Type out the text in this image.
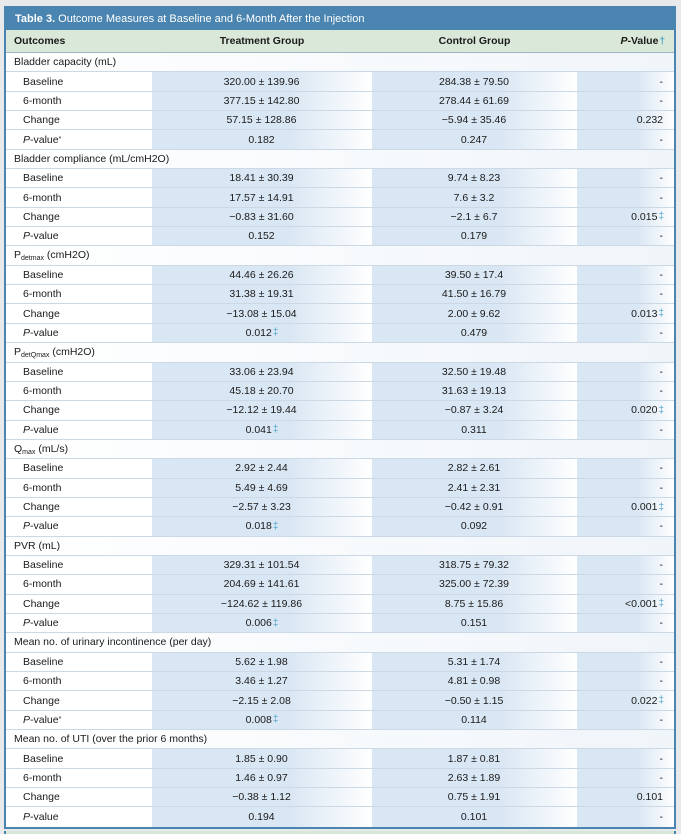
Table 3. Outcome Measures at Baseline and 6-Month After the Injection
Outcomes	Treatment Group	Control Group	P-Value†
Bladder capacity (mL)
Baseline	320.00 ± 139.96	284.38 ± 79.50	-
6-month	377.15 ± 142.80	278.44 ± 61.69	-
Change	57.15 ± 128.86	−5.94 ± 35.46	0.232
P -value *	0.182	0.247	-
Bladder compliance (mL/cmH2O)
Baseline	18.41 ± 30.39	9.74 ± 8.23	-
6-month	17.57 ± 14.91	7.6 ± 3.2	-
Change	−0.83 ± 31.60	−2.1 ± 6.7	0.015 ‡
P -value	0.152	0.179	-
$P_{detmax}$ (cmH2O)
Baseline	44.46 ± 26.26	39.50 ± 17.4	-
6-month	31.38 ± 19.31	41.50 ± 16.79	-
Change	−13.08 ± 15.04	2.00 ± 9.62	0.013 ‡
P -value	0.012 ‡	0.479	-
$P_{detQmax}$ (cmH2O)
Baseline	33.06 ± 23.94	32.50 ± 19.48	-
6-month	45.18 ± 20.70	31.63 ± 19.13	-
Change	−12.12 ± 19.44	−0.87 ± 3.24	0.020 ‡
P -value	0.041 ‡	0.311	-
$Q_{max}$ (mL/s)
Baseline	2.92 ± 2.44	2.82 ± 2.61	-
6-month	5.49 ± 4.69	2.41 ± 2.31	-
Change	−2.57 ± 3.23	−0.42 ± 0.91	0.001 ‡
P -value	0.018 ‡	0.092	-
PVR (mL)
Baseline	329.31 ± 101.54	318.75 ± 79.32	-
6-month	204.69 ± 141.61	325.00 ± 72.39	-
Change	−124.62 ± 119.86	8.75 ± 15.86	<0.001 ‡
P -value	0.006 ‡	0.151	-
Mean no. of urinary incontinence (per day)
Baseline	5.62 ± 1.98	5.31 ± 1.74	-
6-month	3.46 ± 1.27	4.81 ± 0.98	-
Change	−2.15 ± 2.08	−0.50 ± 1.15	0.022 ‡
P -value *	0.008 ‡	0.114	-
Mean no. of UTI (over the prior 6 months)
Baseline	1.85 ± 0.90	1.87 ± 0.81	-
6-month	1.46 ± 0.97	2.63 ± 1.89	-
Change	−0.38 ± 1.12	0.75 ± 1.91	0.101
P -value	0.194	0.101	-
